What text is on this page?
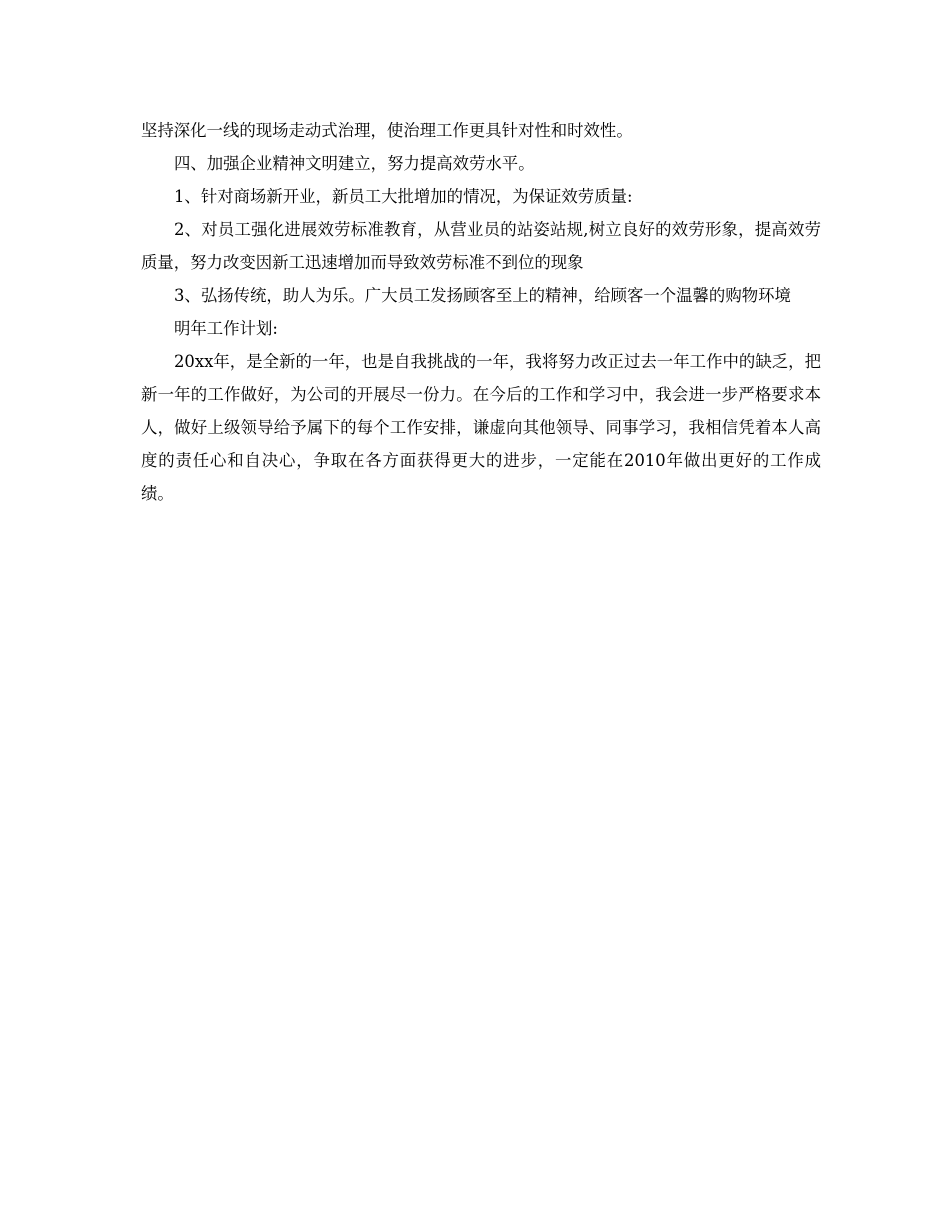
坚持深化一线的现场走动式治理，使治理工作更具针对性和时效性。

四、加强企业精神文明建立，努力提高效劳水平。

1、针对商场新开业，新员工大批增加的情况，为保证效劳质量:

2、对员工强化进展效劳标准教育，从营业员的站姿站规,树立良好的效劳形象，提高效劳质量，努力改变因新工迅速增加而导致效劳标准不到位的现象

3、弘扬传统，助人为乐。广大员工发扬顾客至上的精神，给顾客一个温馨的购物环境

明年工作计划:

20xx年，是全新的一年，也是自我挑战的一年，我将努力改正过去一年工作中的缺乏，把新一年的工作做好，为公司的开展尽一份力。在今后的工作和学习中，我会进一步严格要求本人，做好上级领导给予属下的每个工作安排，谦虚向其他领导、同事学习，我相信凭着本人高度的责任心和自决心，争取在各方面获得更大的进步，一定能在2010年做出更好的工作成绩。
